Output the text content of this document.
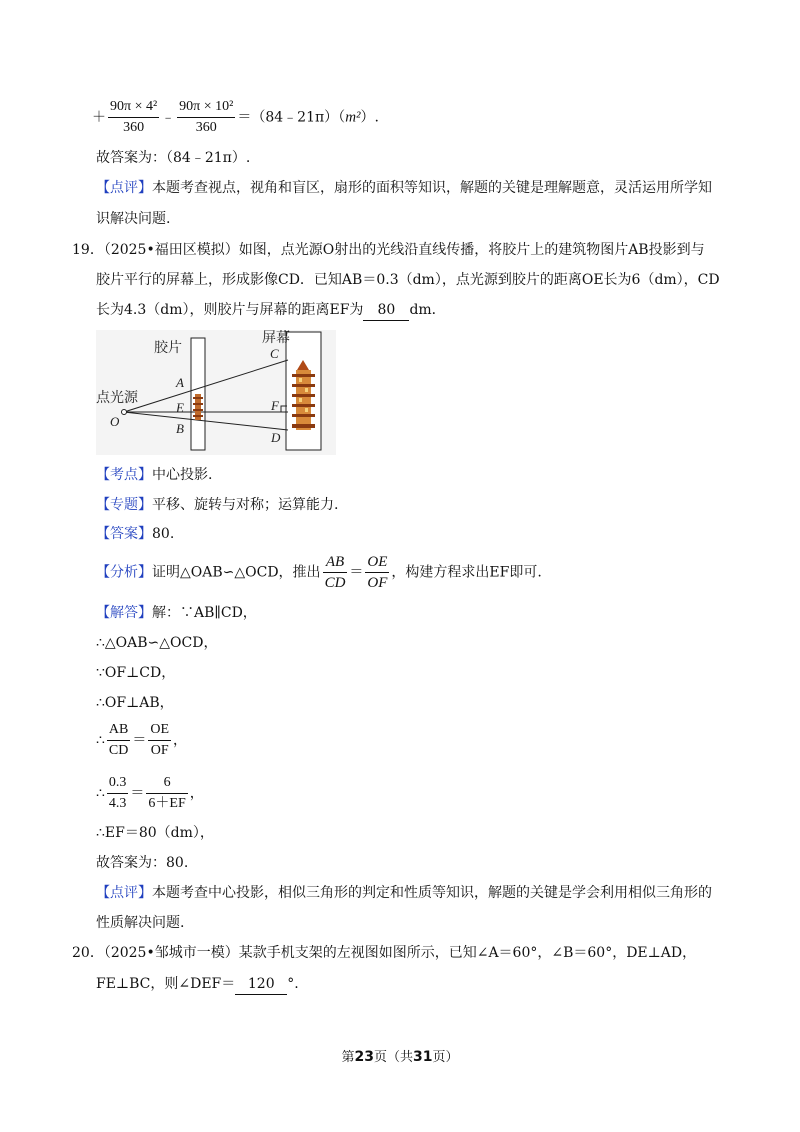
＋ $\frac{\text{90π × 4²}}{360}$ ﹣ $\frac{\text{90π × 10²}}{360}$ ＝（84﹣21π）（m²）.
故答案为：（84﹣21π）.
【点评】本题考查视点，视角和盲区，扇形的面积等知识，解题的关键是理解题意，灵活运用所学知
识解决问题.
19．（2025•福田区模拟）如图，点光源O射出的光线沿直线传播，将胶片上的建筑物图片AB投影到与
胶片平行的屏幕上，形成影像CD．已知AB＝0.3（dm），点光源到胶片的距离OE长为6（dm），CD
长为4.3（dm），则胶片与屏幕的距离EF为 80 dm．
胶片
屏幕
点光源
O
A
E
B
C
F
D
【考点】中心投影.
【专题】平移、旋转与对称；运算能力.
【答案】80.
【分析】证明△OAB∽△OCD，推出 $\frac{AB}{CD} = \frac{OE}{OF}$ ，构建方程求出EF即可.
【解答】解：∵AB∥CD，
∴△OAB∽△OCD，
∵OF⊥CD，
∴OF⊥AB，
∴ $\frac{AB}{CD} = \frac{OE}{OF}$ ，
∴ $\frac{0.3}{4.3} = \frac{6}{6+EF}$ ，
∴EF＝80（dm），
故答案为：80.
【点评】本题考查中心投影，相似三角形的判定和性质等知识，解题的关键是学会利用相似三角形的
性质解决问题.
20．（2025•邹城市一模）某款手机支架的左视图如图所示，已知∠A＝60°，∠B＝60°，DE⊥AD，
FE⊥BC，则∠DEF＝ 120 °.
第23页（共31页）
